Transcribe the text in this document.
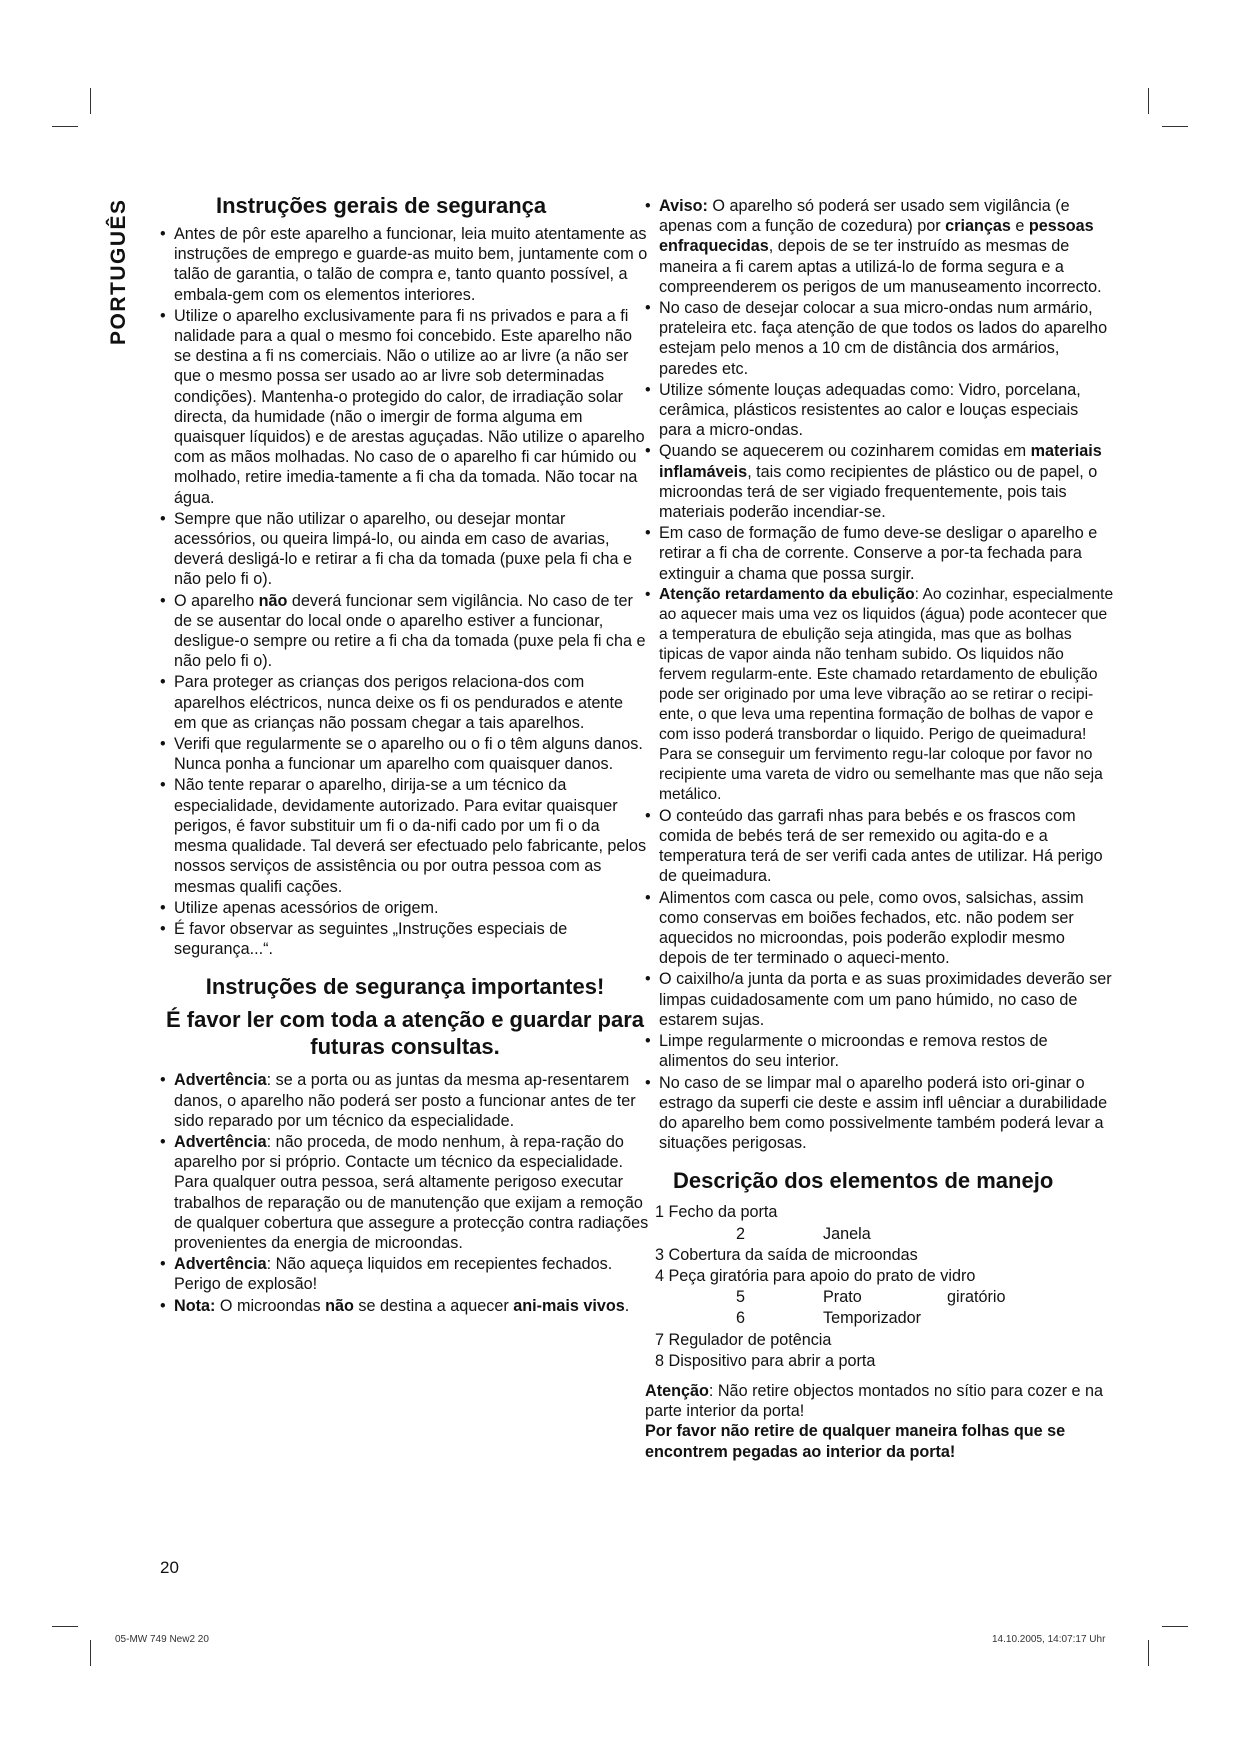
PORTUGUÊS	Instruções gerais de segurança
• Antes de pôr este aparelho a funcionar, leia muito atentamente as instruções de emprego e guarde-as muito bem, juntamente com o talão de garantia, o talão de compra e, tanto quanto possível, a embala-gem com os elementos interiores.
• Utilize o aparelho exclusivamente para fi ns privados e para a fi nalidade para a qual o mesmo foi concebido. Este aparelho não se destina a fi ns comerciais. Não o utilize ao ar livre (a não ser que o mesmo possa ser usado ao ar livre sob determinadas condições). Mantenha-o protegido do calor, de irradiação solar directa, da humidade (não o imergir de forma alguma em quaisquer líquidos) e de arestas aguçadas. Não utilize o aparelho com as mãos molhadas. No caso de o aparelho fi car húmido ou molhado, retire imedia-tamente a fi cha da tomada. Não tocar na água.
• Sempre que não utilizar o aparelho, ou desejar montar acessórios, ou queira limpá-lo, ou ainda em caso de avarias, deverá desligá-lo e retirar a fi cha da tomada (puxe pela fi cha e não pelo fi o).
• O aparelho não deverá funcionar sem vigilância. No caso de ter de se ausentar do local onde o aparelho estiver a funcionar, desligue-o sempre ou retire a fi cha da tomada (puxe pela fi cha e não pelo fi o).
• Para proteger as crianças dos perigos relaciona-dos com aparelhos eléctricos, nunca deixe os fi os pendurados e atente em que as crianças não possam chegar a tais aparelhos.
• Verifi que regularmente se o aparelho ou o fi o têm alguns danos. Nunca ponha a funcionar um aparelho com quaisquer danos.
• Não tente reparar o aparelho, dirija-se a um técnico da especialidade, devidamente autorizado. Para evitar quaisquer perigos, é favor substituir um fi o da-nifi cado por um fi o da mesma qualidade. Tal deverá ser efectuado pelo fabricante, pelos nossos serviços de assistência ou por outra pessoa com as mesmas qualifi cações.
• Utilize apenas acessórios de origem.
• É favor observar as seguintes „Instruções especiais de segurança...“.
Instruções de segurança importantes!
É favor ler com toda a atenção e guardar para futuras consultas.
• Advertência: se a porta ou as juntas da mesma ap-resentarem danos, o aparelho não poderá ser posto a funcionar antes de ter sido reparado por um técnico da especialidade.
• Advertência: não proceda, de modo nenhum, à repa-ração do aparelho por si próprio. Contacte um técnico da especialidade. Para qualquer outra pessoa, será altamente perigoso executar trabalhos de reparação ou de manutenção que exijam a remoção de qualquer cobertura que assegure a protecção contra radiações provenientes da energia de microondas.
• Advertência: Não aqueça liquidos em recepientes fechados. Perigo de explosão!
• Nota: O microondas não se destina a aquecer ani-mais vivos.
• Aviso: O aparelho só poderá ser usado sem vigilância (e apenas com a função de cozedura) por crianças e pessoas enfraquecidas, depois de se ter instruído as mesmas de maneira a fi carem aptas a utilizá-lo de forma segura e a compreenderem os perigos de um manuseamento incorrecto.
• No caso de desejar colocar a sua micro-ondas num armário, prateleira etc. faça atenção de que todos os lados do aparelho estejam pelo menos a 10 cm de distância dos armários, paredes etc.
• Utilize sómente louças adequadas como: Vidro, porcelana, cerâmica, plásticos resistentes ao calor e louças especiais para a micro-ondas.
• Quando se aquecerem ou cozinharem comidas em materiais inflamáveis, tais como recipientes de plástico ou de papel, o microondas terá de ser vigiado frequentemente, pois tais materiais poderão incendiar-se.
• Em caso de formação de fumo deve-se desligar o aparelho e retirar a fi cha de corrente. Conserve a por-ta fechada para extinguir a chama que possa surgir.
• Atenção retardamento da ebulição: Ao cozinhar, especialmente ao aquecer mais uma vez os liquidos (água) pode acontecer que a temperatura de ebulição seja atingida, mas que as bolhas tipicas de vapor ainda não tenham subido. Os liquidos não fervem regularm-ente. Este chamado retardamento de ebulição pode ser originado por uma leve vibração ao se retirar o recipi-ente, o que leva uma repentina formação de bolhas de vapor e com isso poderá transbordar o liquido. Perigo de queimadura! Para se conseguir um fervimento regu-lar coloque por favor no recipiente uma vareta de vidro ou semelhante mas que não seja metálico.
• O conteúdo das garrafi nhas para bebés e os frascos com comida de bebés terá de ser remexido ou agita-do e a temperatura terá de ser verifi cada antes de utilizar. Há perigo de queimadura.
• Alimentos com casca ou pele, como ovos, salsichas, assim como conservas em boiões fechados, etc. não podem ser aquecidos no microondas, pois poderão explodir mesmo depois de ter terminado o aqueci-mento.
• O caixilho/a junta da porta e as suas proximidades deverão ser limpas cuidadosamente com um pano húmido, no caso de estarem sujas.
• Limpe regularmente o microondas e remova restos de alimentos do seu interior.
• No caso de se limpar mal o aparelho poderá isto ori-ginar o estrago da superfi cie deste e assim infl uênciar a durabilidade do aparelho bem como possivelmente também poderá levar a situações perigosas.
Descrição dos elementos de manejo
1 Fecho da porta
2	Janela
3 Cobertura da saída de microondas
4 Peça giratória para apoio do prato de vidro
5	Prato	giratório
6	Temporizador
7 Regulador de potência
8 Dispositivo para abrir a porta
Atenção: Não retire objectos montados no sítio para cozer e na parte interior da porta!
Por favor não retire de qualquer maneira folhas que se encontrem pegadas ao interior da porta!
20
05-MW 749 New2 20	14.10.2005, 14:07:17 Uhr
